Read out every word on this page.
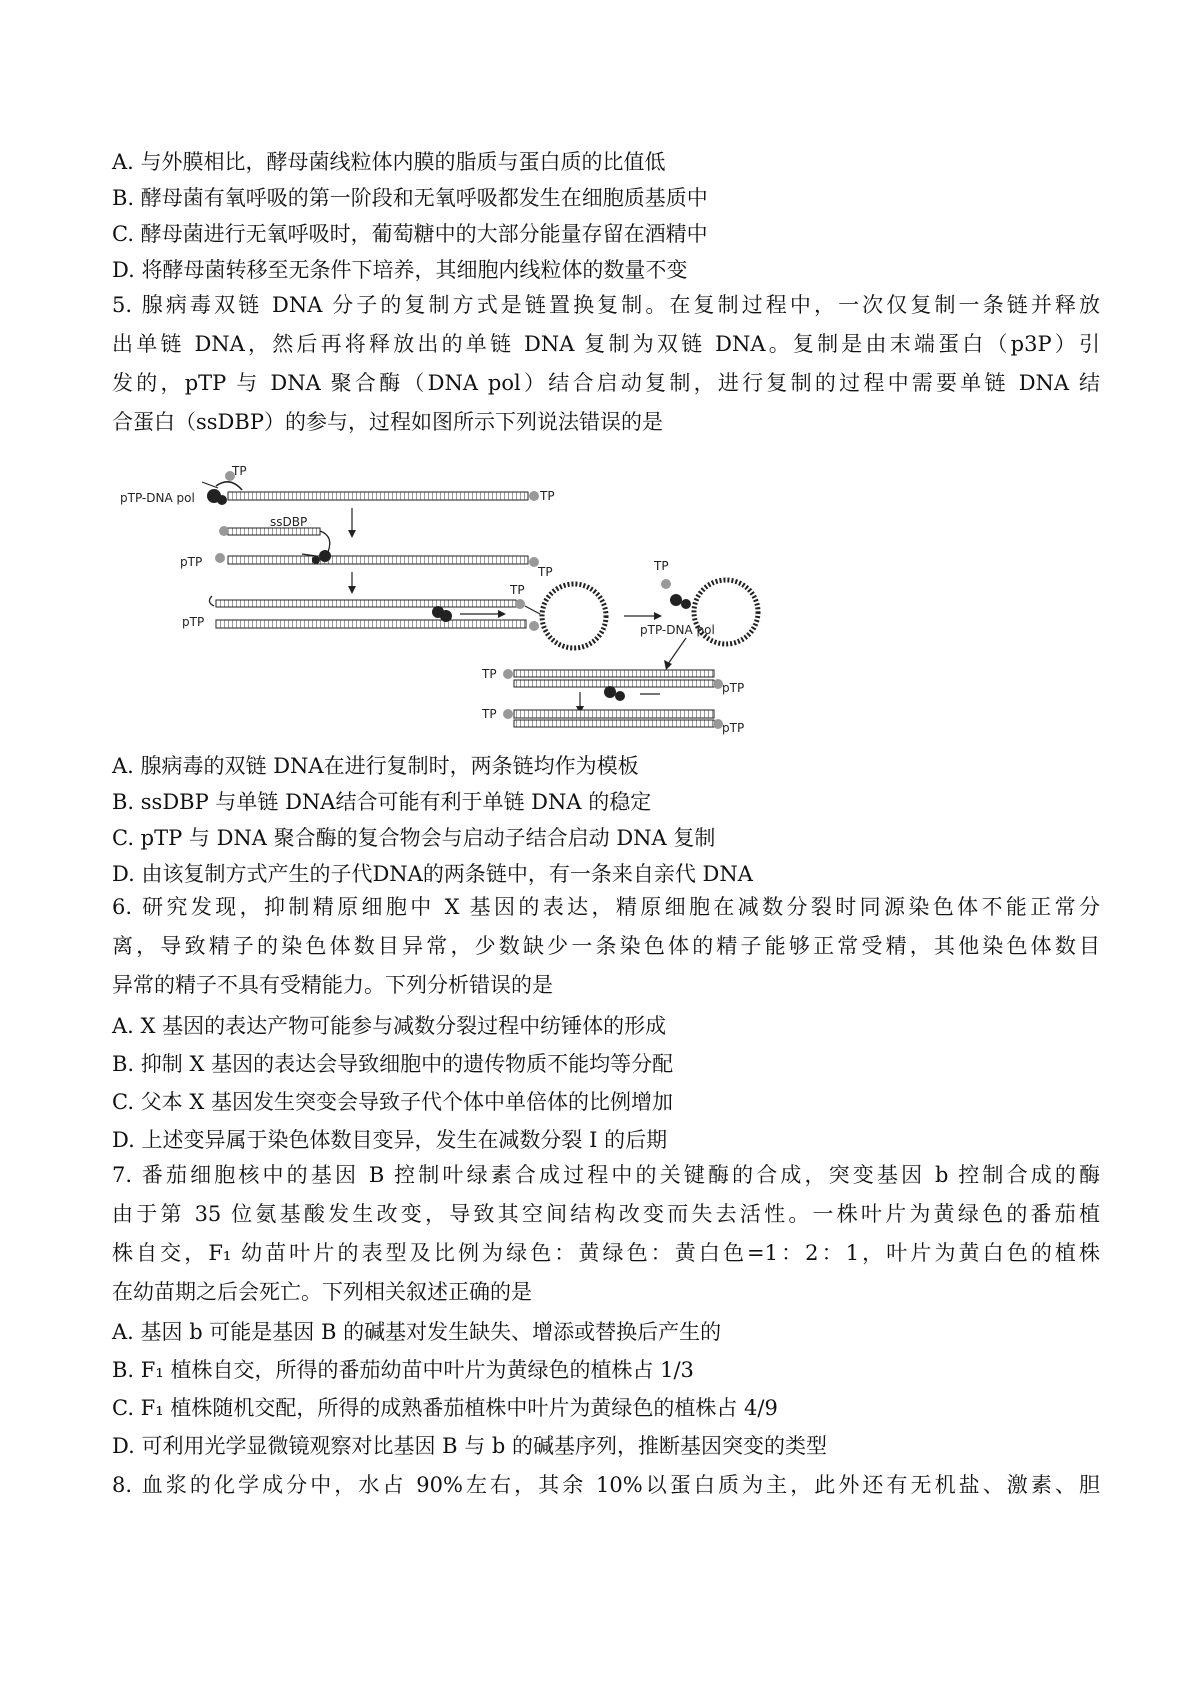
A. 与外膜相比，酵母菌线粒体内膜的脂质与蛋白质的比值低
B. 酵母菌有氧呼吸的第一阶段和无氧呼吸都发生在细胞质基质中
C. 酵母菌进行无氧呼吸时，葡萄糖中的大部分能量存留在酒精中
D. 将酵母菌转移至无条件下培养，其细胞内线粒体的数量不变
5. 腺病毒双链 DNA 分子的复制方式是链置换复制。在复制过程中，一次仅复制一条链并释放
出单链 DNA，然后再将释放出的单链 DNA 复制为双链 DNA。复制是由末端蛋白（p3P）引
发的，pTP 与 DNA 聚合酶（DNA pol）结合启动复制，进行复制的过程中需要单链 DNA 结
合蛋白（ssDBP）的参与，过程如图所示下列说法错误的是
TP
pTP-DNA pol	TP
ssDBP
pTP
TP
pTP
TP
TP
pTP-DNA pol
TP
pTP
TP
pTP
A. 腺病毒的双链 DNA在进行复制时，两条链均作为模板
B. ssDBP 与单链 DNA结合可能有利于单链 DNA 的稳定
C. pTP 与 DNA 聚合酶的复合物会与启动子结合启动 DNA 复制
D. 由该复制方式产生的子代DNA的两条链中，有一条来自亲代 DNA
6. 研究发现，抑制精原细胞中 X 基因的表达，精原细胞在减数分裂时同源染色体不能正常分
离，导致精子的染色体数目异常，少数缺少一条染色体的精子能够正常受精，其他染色体数目
异常的精子不具有受精能力。下列分析错误的是
A. X 基因的表达产物可能参与减数分裂过程中纺锤体的形成
B. 抑制 X 基因的表达会导致细胞中的遗传物质不能均等分配
C. 父本 X 基因发生突变会导致子代个体中单倍体的比例增加
D. 上述变异属于染色体数目变异，发生在减数分裂 I 的后期
7. 番茄细胞核中的基因 B 控制叶绿素合成过程中的关键酶的合成，突变基因 b 控制合成的酶
由于第 35 位氨基酸发生改变，导致其空间结构改变而失去活性。一株叶片为黄绿色的番茄植
株自交，F₁ 幼苗叶片的表型及比例为绿色：黄绿色：黄白色=1：2：1，叶片为黄白色的植株
在幼苗期之后会死亡。下列相关叙述正确的是
A. 基因 b 可能是基因 B 的碱基对发生缺失、增添或替换后产生的
B. F₁ 植株自交，所得的番茄幼苗中叶片为黄绿色的植株占 1/3
C. F₁ 植株随机交配，所得的成熟番茄植株中叶片为黄绿色的植株占 4/9
D. 可利用光学显微镜观察对比基因 B 与 b 的碱基序列，推断基因突变的类型
8. 血浆的化学成分中，水占 90%左右，其余 10%以蛋白质为主，此外还有无机盐、激素、胆
